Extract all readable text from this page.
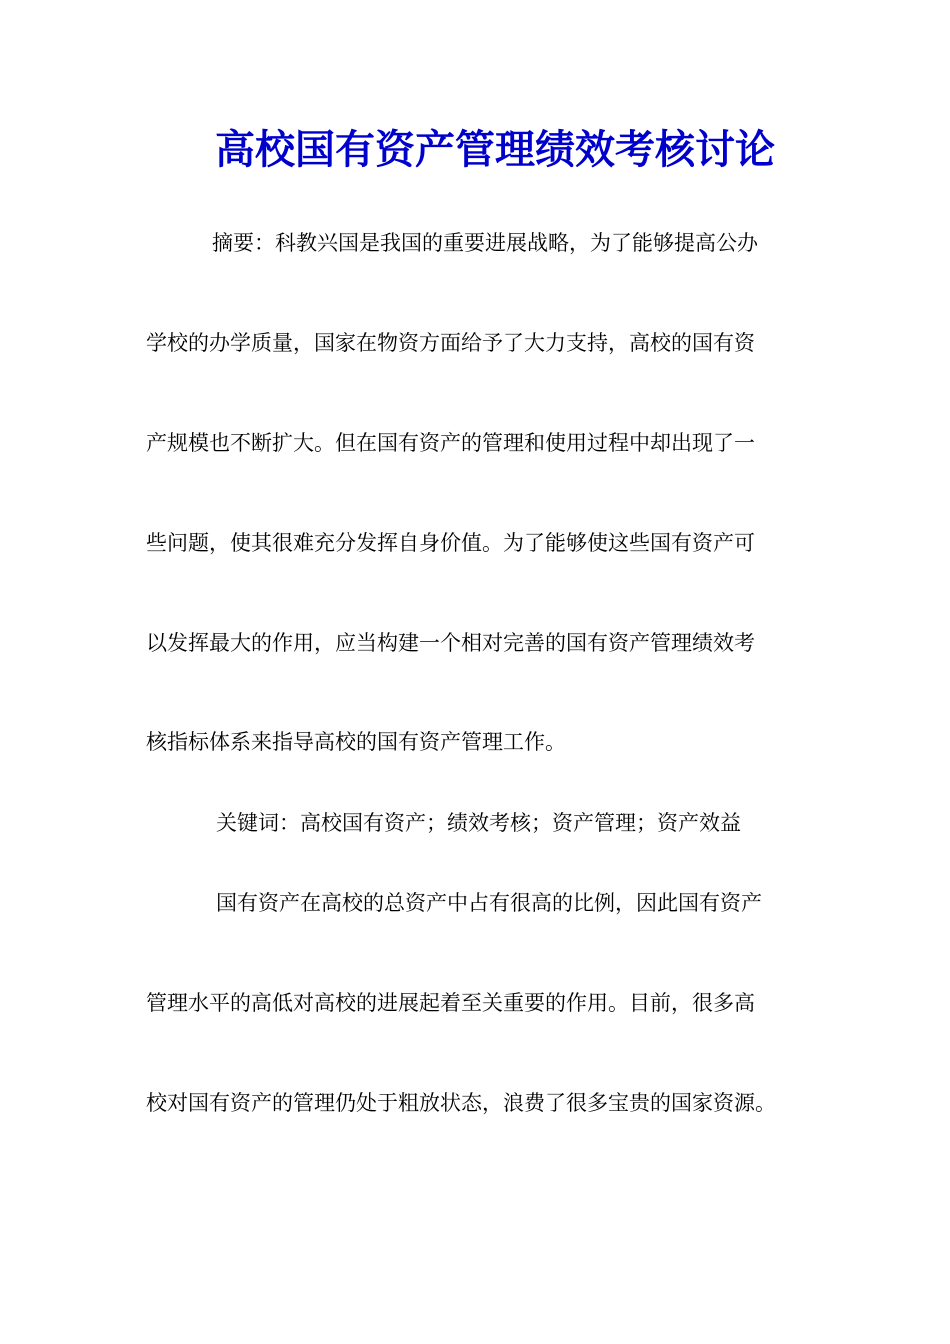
高校国有资产管理绩效考核讨论

摘要：科教兴国是我国的重要进展战略，为了能够提高公办

学校的办学质量，国家在物资方面给予了大力支持，高校的国有资

产规模也不断扩大。但在国有资产的管理和使用过程中却出现了一

些问题，使其很难充分发挥自身价值。为了能够使这些国有资产可

以发挥最大的作用，应当构建一个相对完善的国有资产管理绩效考

核指标体系来指导高校的国有资产管理工作。

关键词：高校国有资产；绩效考核；资产管理；资产效益

国有资产在高校的总资产中占有很高的比例，因此国有资产

管理水平的高低对高校的进展起着至关重要的作用。目前，很多高

校对国有资产的管理仍处于粗放状态，浪费了很多宝贵的国家资源。
